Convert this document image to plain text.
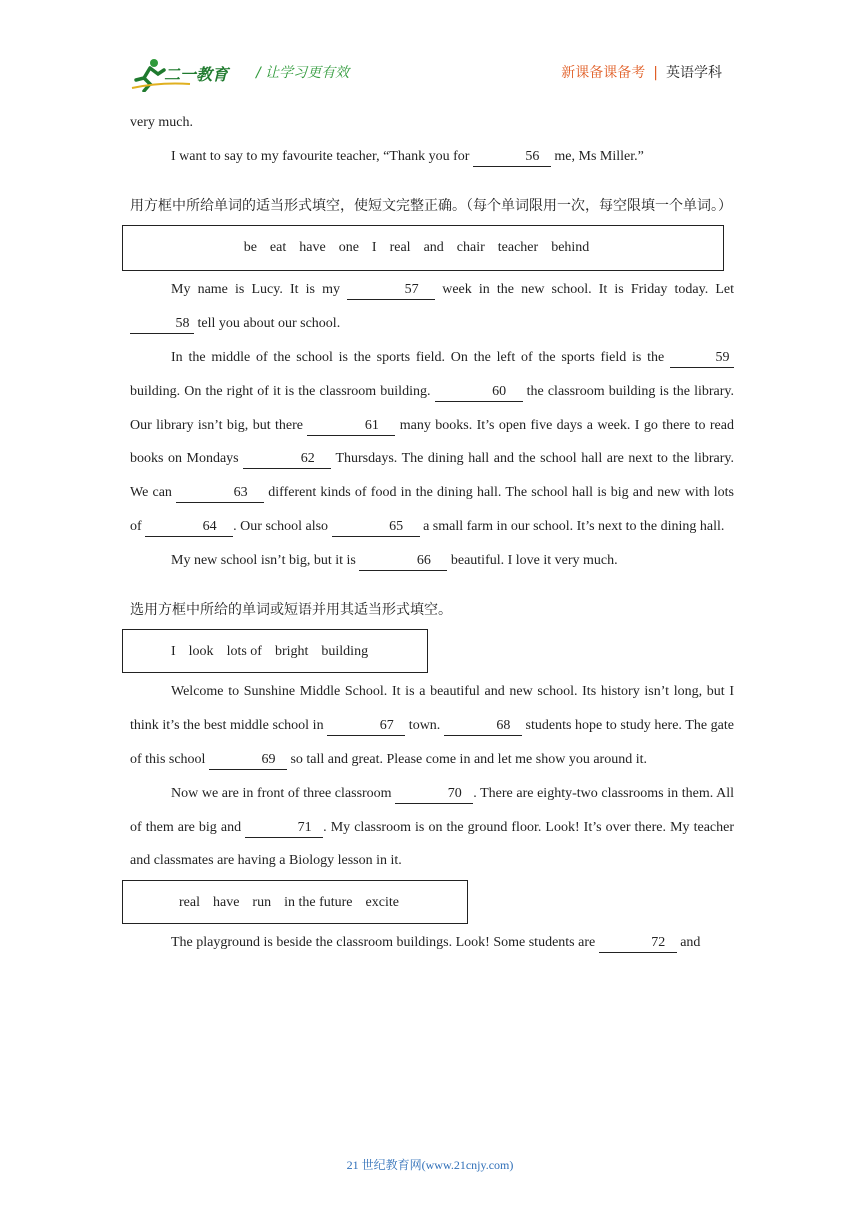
二一教育 / 让学习更有效	新课备课备考 | 英语学科

very much.

I want to say to my favourite teacher, “Thank you for	56 me, Ms Miller.”

用方框中所给单词的适当形式填空，使短文完整正确。（每个单词限用一次，每空限填一个单词。）

be eat have one I real and chair teacher behind

My name is Lucy. It is my	57 week in the new school. It is Friday today. Let 58 tell you about our school.

In the middle of the school is the sports field. On the left of the sports field is the	59 building. On the right of it is the classroom building.	60 the classroom building is the library. Our library isn’t big, but there	61 many books. It’s open five days a week. I go there to read books on Mondays	62 Thursdays. The dining hall and the school hall are next to the library. We can	63 different kinds of food in the dining hall. The school hall is big and new with lots of	64 . Our school also	65 a small farm in our school. It’s next to the dining hall.

My new school isn’t big, but it is	66 beautiful. I love it very much.

选用方框中所给的单词或短语并用其适当形式填空。

I look lots of bright building

Welcome to Sunshine Middle School. It is a beautiful and new school. Its history isn’t long, but I think it’s the best middle school in	67 town.	68 students hope to study here. The gate of this school	69 so tall and great. Please come in and let me show you around it.

Now we are in front of three classroom	70 . There are eighty-two classrooms in them. All of them are big and	71 . My classroom is on the ground floor. Look! It’s over there. My teacher and classmates are having a Biology lesson in it.

real have run in the future excite

The playground is beside the classroom buildings. Look! Some students are	72 and

21 世纪教育网(www.21cnjy.com)
